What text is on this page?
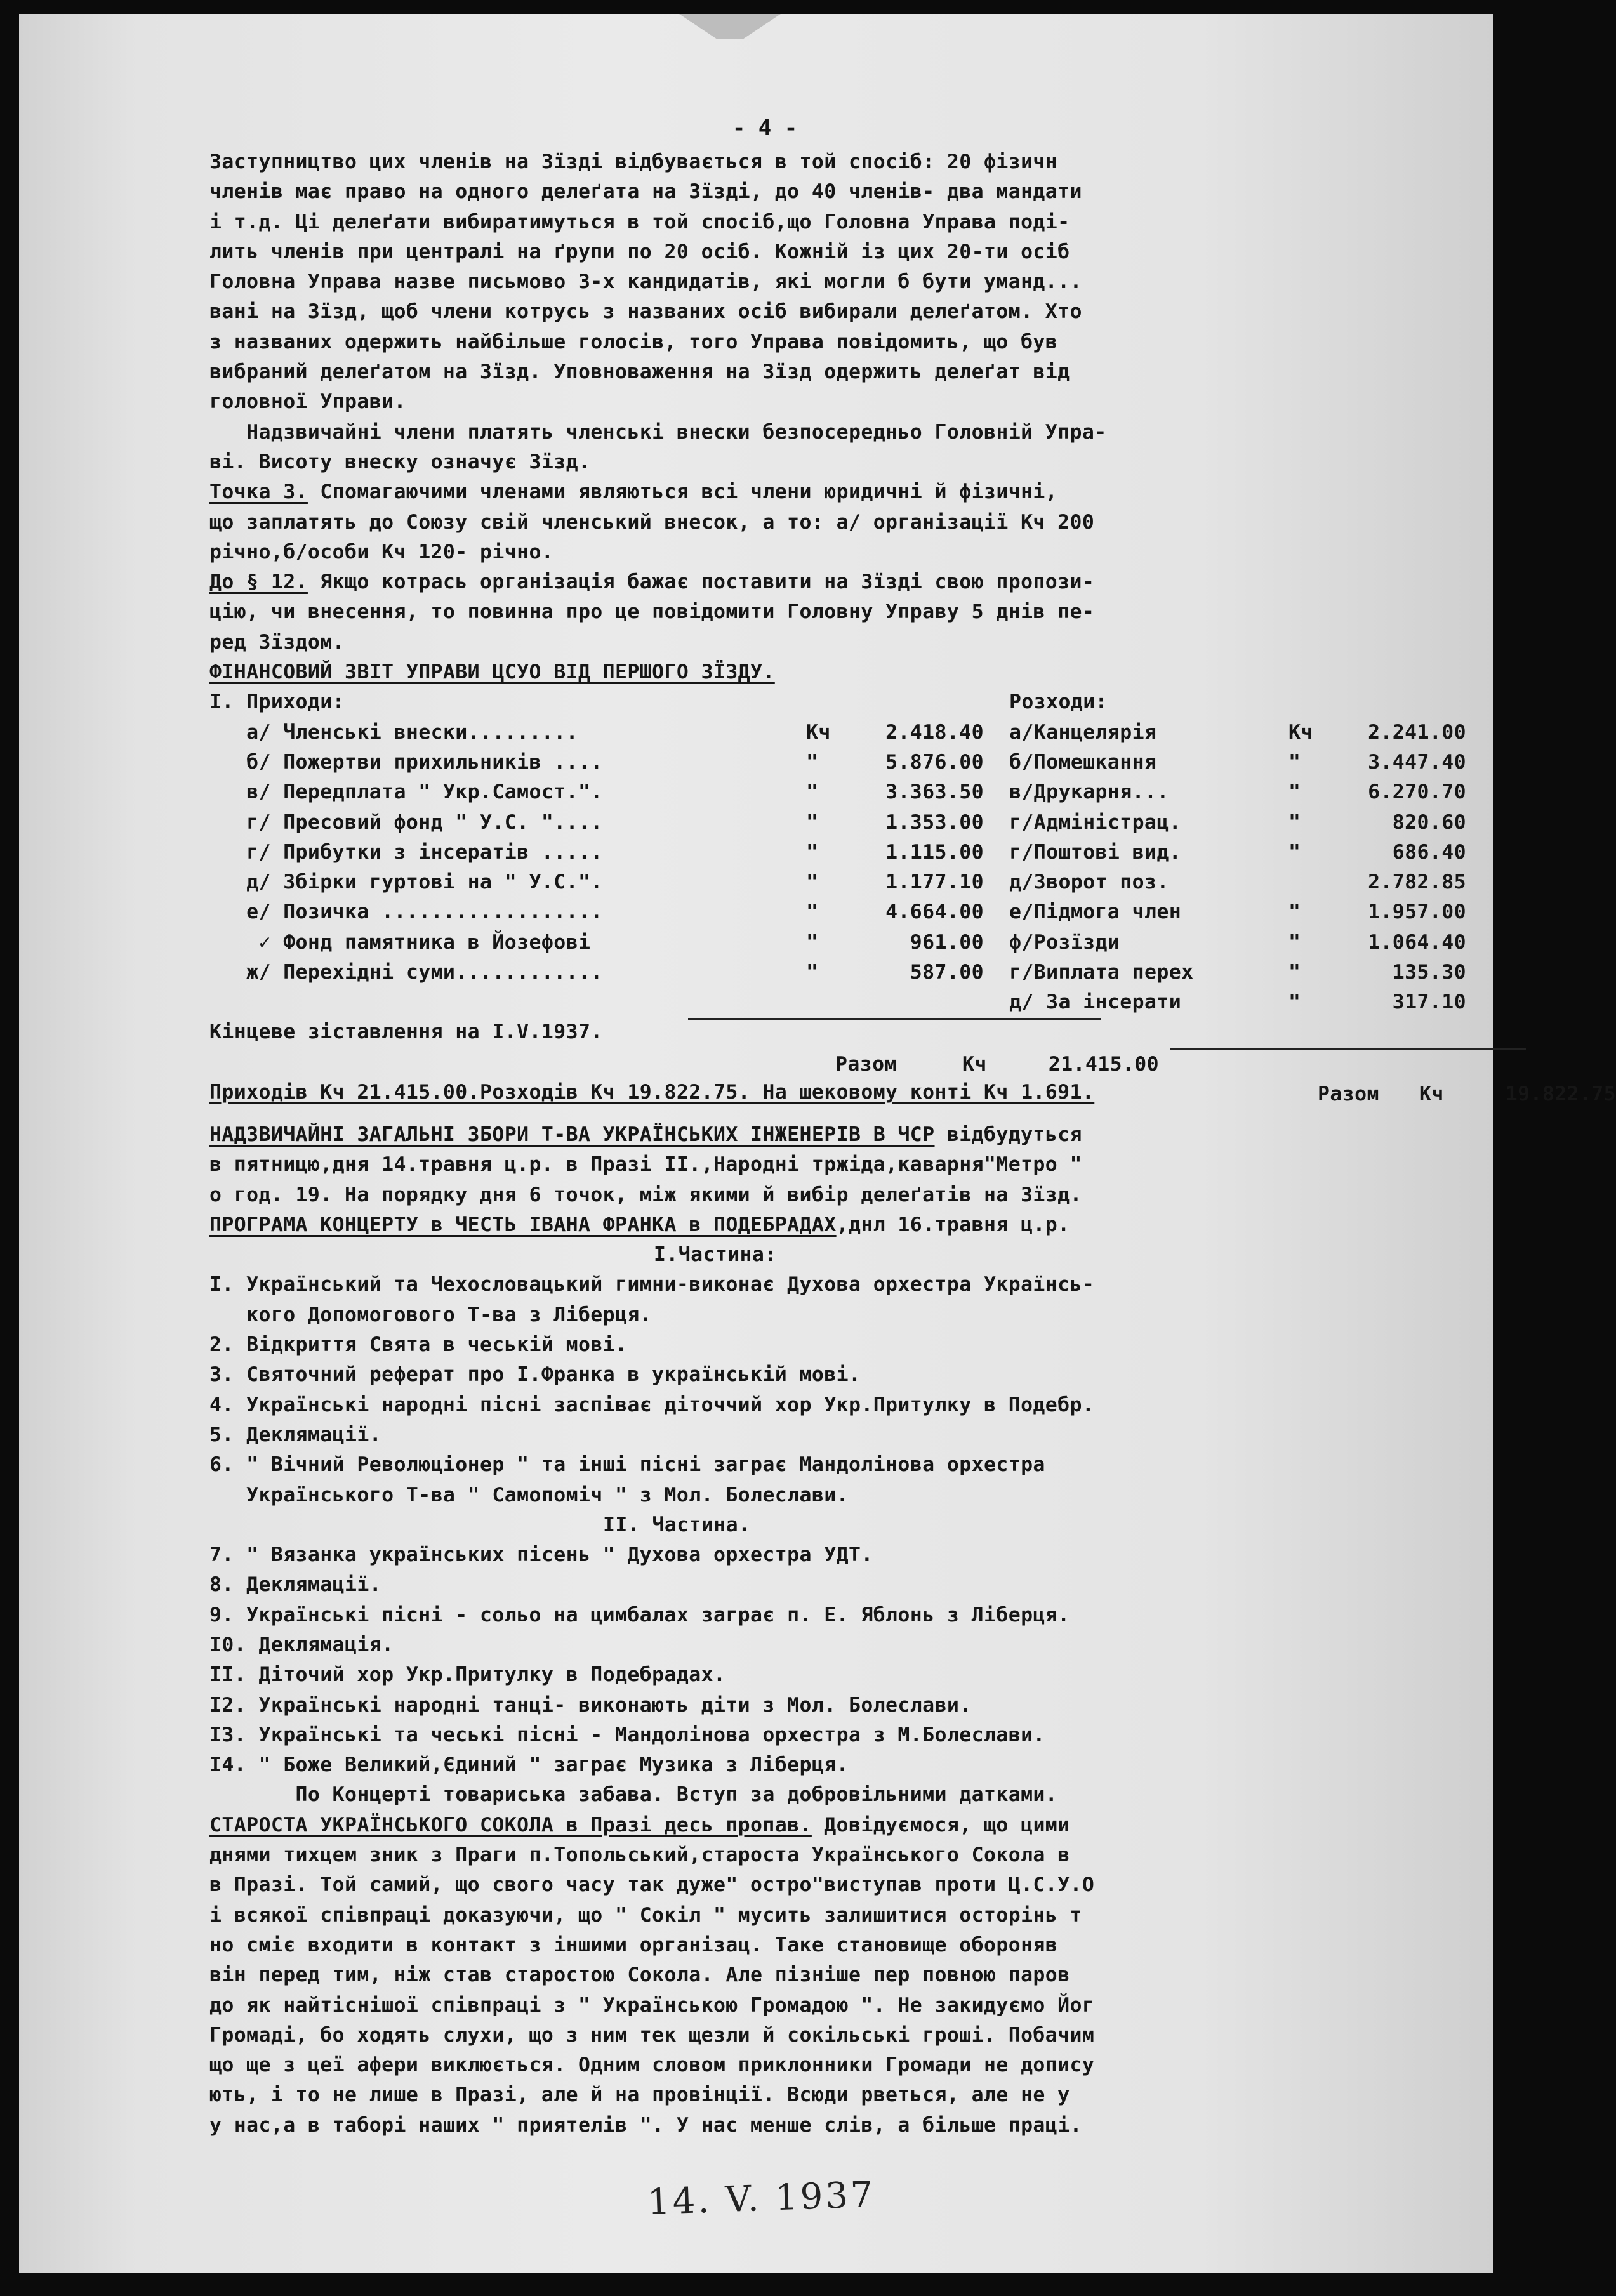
- 4 -
Заступництво цих членів на Зїзді відбувається в той спосіб: 20 фізичн
членів має право на одного делеґата на Зїзді, до 40 членів- два мандати
і т.д. Ці делеґати вибиратимуться в той спосіб,що Головна Управа поді-
лить членів при централі на ґрупи по 20 осіб. Кожній із цих 20-ти осіб
Головна Управа назве письмово 3-х кандидатів, які могли б бути уманд...
вані на Зїзд, щоб члени котрусь з названих осіб вибирали делеґатом. Хто
з названих одержить найбільше голосів, того Управа повідомить, що був
вибраний делеґатом на Зїзд. Уповноваження на Зїзд одержить делеґат від
головної Управи.
Надзвичайні члени платять членські внески безпосередньо Головній Упра-
ві. Висоту внеску означує Зїзд.
Точка 3. Спомагаючими членами являються всі члени юридичні й фізичні,
що заплатять до Союзу свій членський внесок, а то: а/ організації Кч 200
річно,б/особи Кч 120- річно.
До § 12. Якщо котрась організація бажає поставити на Зїзді свою пропози-
цію, чи внесення, то повинна про це повідомити Головну Управу 5 днів пе-
ред Зїздом.
ФІНАНСОВИЙ ЗВІТ УПРАВИ ЦСУО ВІД ПЕРШОГО ЗЇЗДУ.
I. Приходи:
а/ Членські внески.........	Кч	2.418.40
б/ Пожертви прихильників ....	"	5.876.00
в/ Передплата " Укр.Самост.".	"	3.363.50
г/ Пресовий фонд " У.С. "....	"	1.353.00
г/ Прибутки з інсератів .....	"	1.115.00
д/ Збірки гуртові на " У.С.".	"	1.177.10
е/ Позичка ..................	"	4.664.00
✓ Фонд памятника в Йозефові	"	961.00
ж/ Перехідні суми............	"	587.00

Разом	Кч	21.415.00

Розходи:
а/Канцелярія	Кч	2.241.00
б/Помешкання	"	3.447.40
в/Друкарня...	"	6.270.70
г/Адміністрац.	"	820.60
г/Поштові вид.	"	686.40
д/Зворот поз.	2.782.85
е/Підмога член	"	1.957.00
ф/Розїзди	"	1.064.40
г/Виплата перех	"	135.30
д/ За інсерати	"	317.10

Разом Кч	19.822.75

Кінцеве зіставлення на I.V.1937.
Приходів Кч 21.415.00.Розходів Кч 19.822.75. На шековому конті Кч 1.691.
НАДЗВИЧАЙНІ ЗАГАЛЬНІ ЗБОРИ Т-ВА УКРАЇНСЬКИХ ІНЖЕНЕРІВ В ЧСР відбудуться
в пятницю,дня 14.травня ц.р. в Празі II.,Народні тржіда,каварня"Метро "
о год. 19. На порядку дня 6 точок, між якими й вибір делеґатів на Зїзд.
ПРОГРАМА КОНЦЕРТУ в ЧЕСТЬ ІВАНА ФРАНКА в ПОДЕБРАДАХ,днл 16.травня ц.р.
I.Частина:
I. Український та Чехословацький гимни-виконає Духова орхестра Українсь-
кого Допомогового Т-ва з Ліберця.
2. Відкриття Свята в чеській мові.
3. Святочний реферат про І.Франка в українській мові.
4. Українські народні пісні заспіває діточчий хор Укр.Притулку в Подебр.
5. Деклямації.
6. " Вічний Революціонер " та інші пісні заграє Мандолінова орхестра
Українського Т-ва " Самопоміч " з Мол. Болеслави.
II. Частина.
7. " Вязанка українських пісень " Духова орхестра УДТ.
8. Деклямації.
9. Українські пісні - сольо на цимбалах заграє п. Е. Яблонь з Ліберця.
I0. Деклямація.
II. Діточий хор Укр.Притулку в Подебрадах.
I2. Українські народні танці- виконають діти з Мол. Болеслави.
I3. Українські та чеські пісні - Мандолінова орхестра з М.Болеслави.
I4. " Боже Великий,Єдиний " заграє Музика з Ліберця.
По Концерті товариська забава. Вступ за добровільними датками.
СТАРОСТА УКРАЇНСЬКОГО СОКОЛА в Празі десь пропав. Довідуємося, що цими
днями тихцем зник з Праги п.Топольський,староста Українського Сокола в
в Празі. Той самий, що свого часу так дуже" остро"виступав проти Ц.С.У.О
і всякої співпраці доказуючи, що " Сокіл " мусить залишитися осторінь т
но сміє входити в контакт з іншими організац. Таке становище обороняв
він перед тим, ніж став старостою Сокола. Але пізніше пер повною паров
до як найтіснішої співпраці з " Українською Громадою ". Не закидуємо Йог
Громаді, бо ходять слухи, що з ним тек щезли й сокільські гроші. Побачим
що ще з цеї афери виклюється. Одним словом приклонники Громади не допису
ють, і то не лише в Празі, але й на провінції. Всюди рветься, але не у
у нас,а в таборі наших " приятелів ". У нас менше слів, а більше праці.
14. V. 1937
